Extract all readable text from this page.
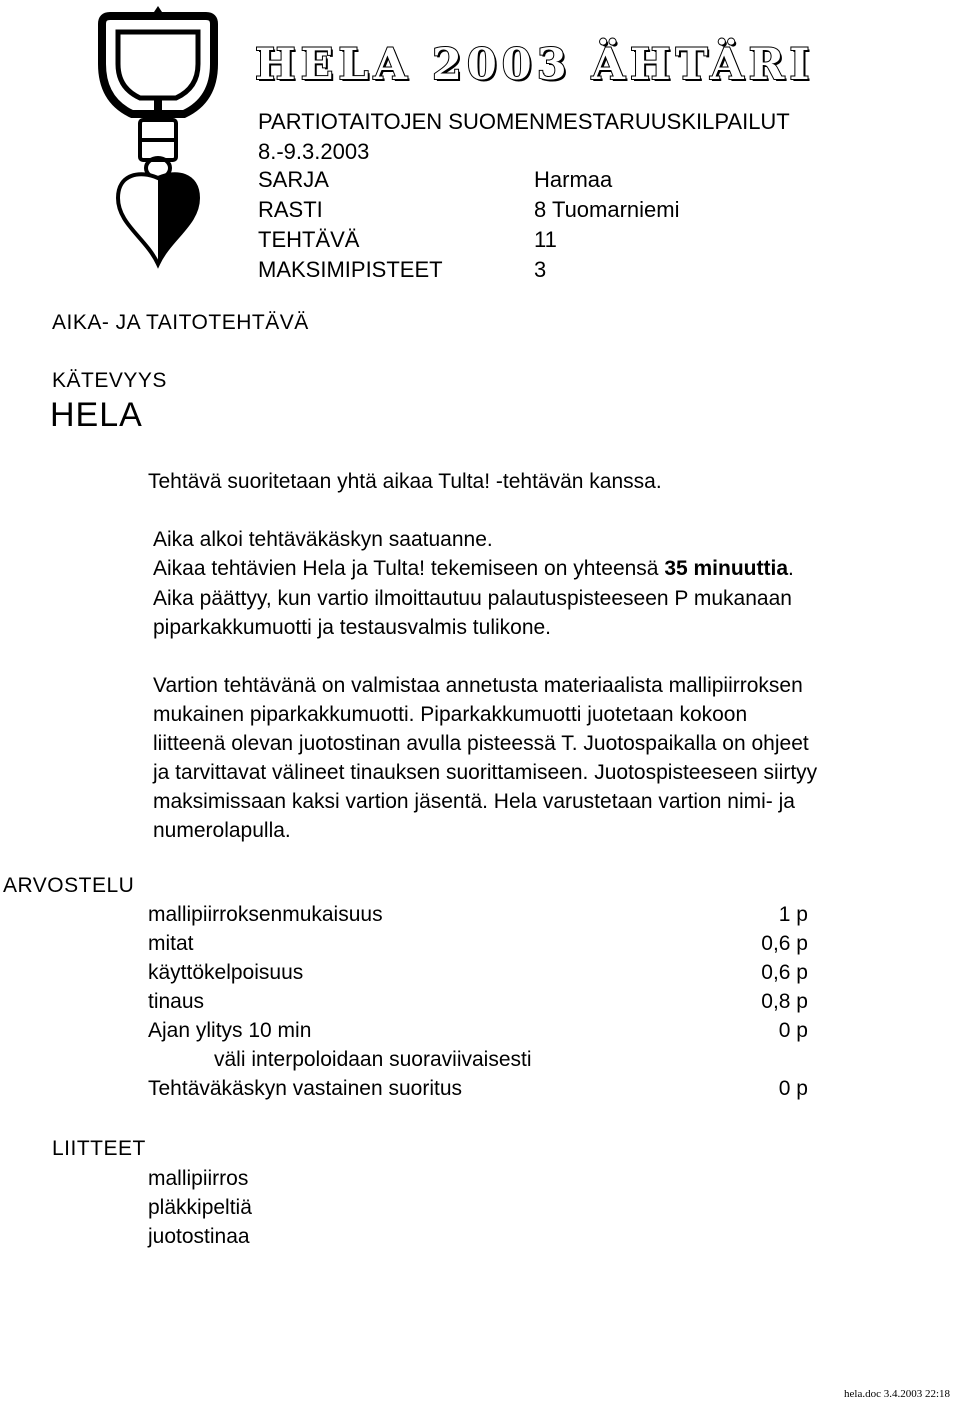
HELA 2003 ÄHTÄRI
PARTIOTAITOJEN SUOMENMESTARUUSKILPAILUT
8.-9.3.2003
SARJA	Harmaa
RASTI	8 Tuomarniemi
TEHTÄVÄ	11
MAKSIMIPISTEET	3
AIKA- JA TAITOTEHTÄVÄ
KÄTEVYYS
HELA
Tehtävä suoritetaan yhtä aikaa Tulta! -tehtävän kanssa.
Aika alkoi tehtäväkäskyn saatuanne.
Aikaa tehtävien Hela ja Tulta! tekemiseen on yhteensä 35 minuuttia.
Aika päättyy, kun vartio ilmoittautuu palautuspisteeseen P mukanaan
piparkakkumuotti ja testausvalmis tulikone.
Vartion tehtävänä on valmistaa annetusta materiaalista mallipiirroksen
mukainen piparkakkumuotti. Piparkakkumuotti juotetaan kokoon
liitteenä olevan juotostinan avulla pisteessä T. Juotospaikalla on ohjeet
ja tarvittavat välineet tinauksen suorittamiseen. Juotospisteeseen siirtyy
maksimissaan kaksi vartion jäsentä. Hela varustetaan vartion nimi- ja
numerolapulla.
ARVOSTELU
mallipiirroksenmukaisuus	1 p
mitat	0,6 p
käyttökelpoisuus	0,6 p
tinaus	0,8 p
Ajan ylitys 10 min	0 p
väli interpoloidaan suoraviivaisesti
Tehtäväkäskyn vastainen suoritus	0 p
LIITTEET
mallipiirros
pläkkipeltiä
juotostinaa
hela.doc 3.4.2003 22:18
